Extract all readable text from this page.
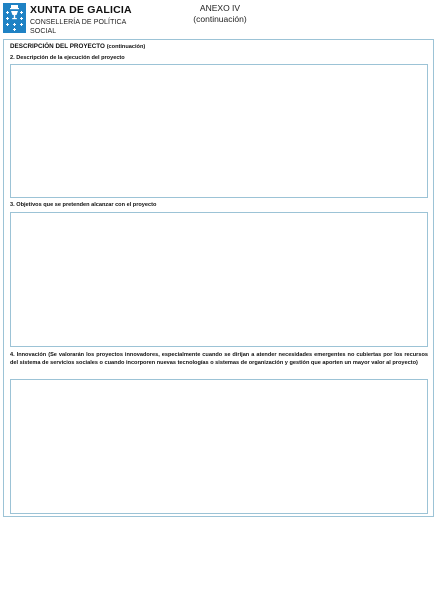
XUNTA DE GALICIA
CONSELLERÍA DE POLÍTICA
SOCIAL
ANEXO IV
(continuación)
DESCRIPCIÓN DEL PROYECTO (continuación)
2. Descripción de la ejecución del proyecto
3. Objetivos que se pretenden alcanzar con el proyecto
4. Innovación (Se valorarán los proyectos innovadores, especialmente cuando se dirijan a atender necesidades emergentes no cubiertas por los recursos del sistema de servicios sociales o cuando incorporen nuevas tecnologías o sistemas de organización y gestión que aporten un mayor valor al proyecto)
